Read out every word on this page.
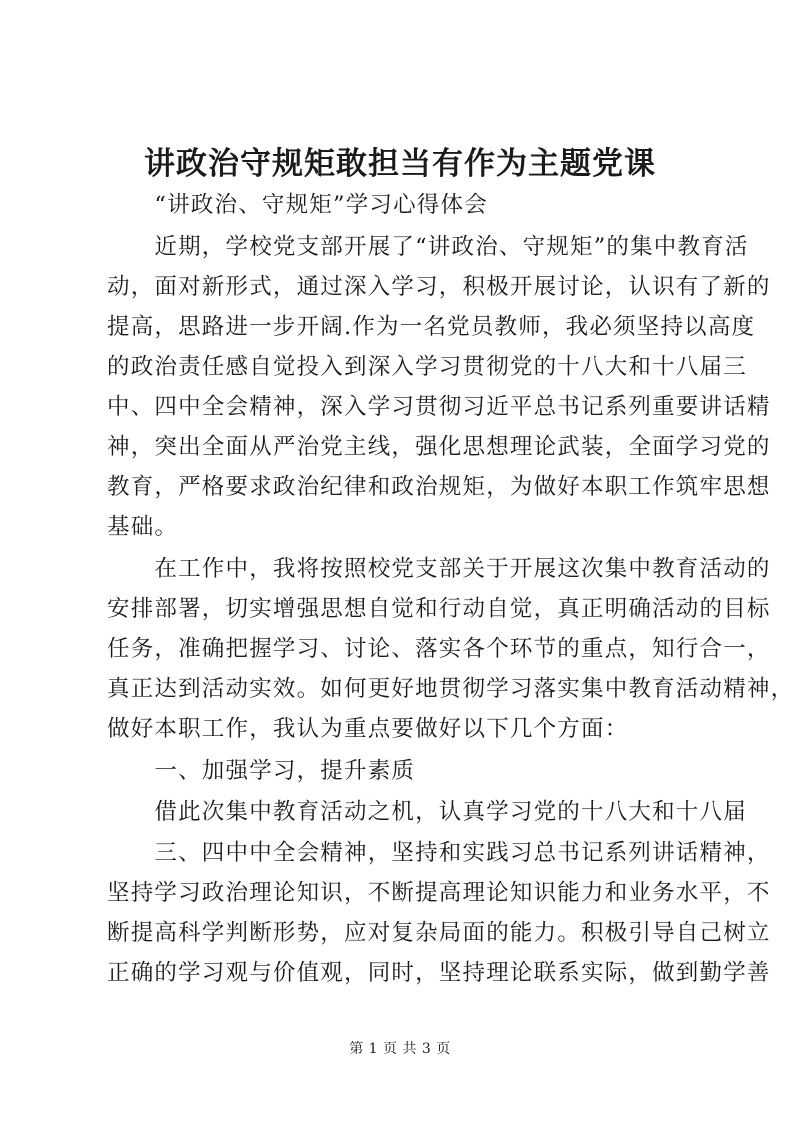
讲政治守规矩敢担当有作为主题党课
　　“讲政治、守规矩”学习心得体会
　　近期，学校党支部开展了“讲政治、守规矩”的集中教育活
动，面对新形式，通过深入学习，积极开展讨论，认识有了新的
提高，思路进一步开阔.作为一名党员教师，我必须坚持以高度
的政治责任感自觉投入到深入学习贯彻党的十八大和十八届三
中、四中全会精神，深入学习贯彻习近平总书记系列重要讲话精
神，突出全面从严治党主线，强化思想理论武装，全面学习党的
教育，严格要求政治纪律和政治规矩，为做好本职工作筑牢思想
基础。
　　在工作中，我将按照校党支部关于开展这次集中教育活动的
安排部署，切实增强思想自觉和行动自觉，真正明确活动的目标
任务，准确把握学习、讨论、落实各个环节的重点，知行合一，
真正达到活动实效。如何更好地贯彻学习落实集中教育活动精神，
做好本职工作，我认为重点要做好以下几个方面：
　　一、加强学习，提升素质
　　借此次集中教育活动之机，认真学习党的十八大和十八届
　　三、四中中全会精神，坚持和实践习总书记系列讲话精神，
坚持学习政治理论知识，不断提高理论知识能力和业务水平，不
断提高科学判断形势，应对复杂局面的能力。积极引导自己树立
正确的学习观与价值观，同时，坚持理论联系实际，做到勤学善
第 1 页 共 3 页
